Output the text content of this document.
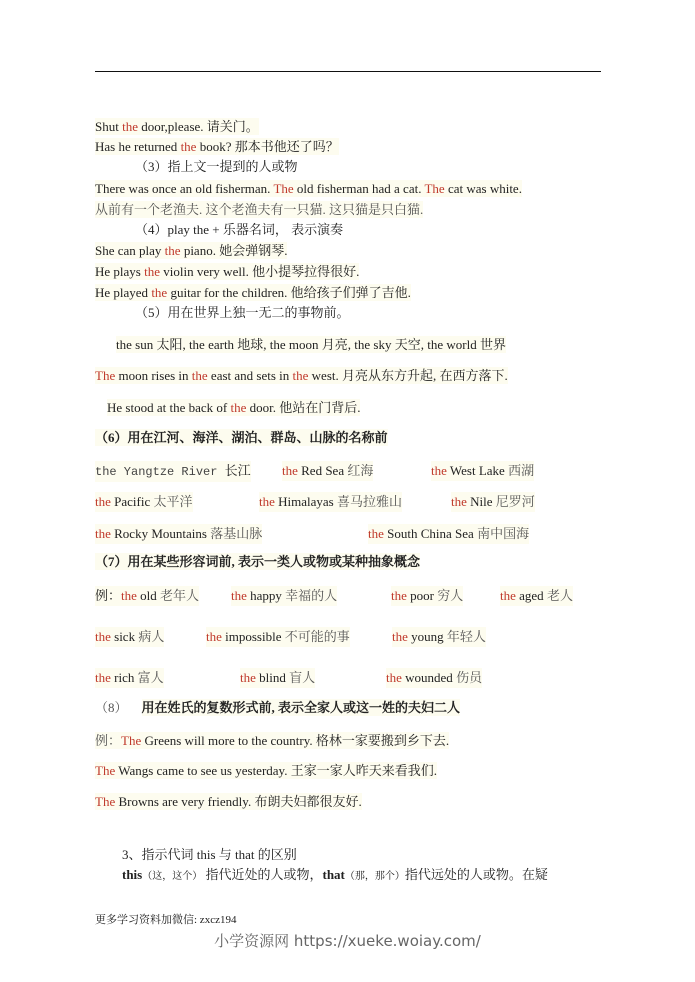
Shut the door,please. 请关门。
Has he returned the book? 那本书他还了吗？
（3）指上文一提到的人或物
There was once an old fisherman. The old fisherman had a cat. The cat was white.
从前有一个老渔夫. 这个老渔夫有一只猫. 这只猫是只白猫.
（4）play the + 乐器名词， 表示演奏
She can play the piano. 她会弹钢琴.
He plays the violin very well. 他小提琴拉得很好.
He played the guitar for the children. 他给孩子们弹了吉他.
（5）用在世界上独一无二的事物前。
the sun 太阳, the earth 地球, the moon 月亮, the sky 天空, the world 世界
The moon rises in the east and sets in the west. 月亮从东方升起, 在西方落下.
He stood at the back of the door. 他站在门背后.
（6）用在江河、海洋、湖泊、群岛、山脉的名称前
the Yangtze River 长江 the Red Sea 红海	the West Lake 西湖
the Pacific 太平洋	the Himalayas 喜马拉雅山	the Nile 尼罗河
the Rocky Mountains 落基山脉	the South China Sea 南中国海
（7）用在某些形容词前, 表示一类人或物或某种抽象概念
例：the old 老年人 the happy 幸福的人	the poor 穷人	the aged 老人
the sick 病人	the impossible 不可能的事	the young 年轻人
the rich 富人	the blind 盲人	the wounded 伤员
（8） 用在姓氏的复数形式前, 表示全家人或这一姓的夫妇二人
例：The Greens will more to the country. 格林一家要搬到乡下去.
The Wangs came to see us yesterday. 王家一家人昨天来看我们.
The Browns are very friendly. 布朗夫妇都很友好.
3、指示代词 this 与 that 的区别
this（这，这个） 指代近处的人或物，that（那，那个）指代远处的人或物。在疑
更多学习资料加微信: zxcz194
小学资源网 https://xueke.woiay.com/
